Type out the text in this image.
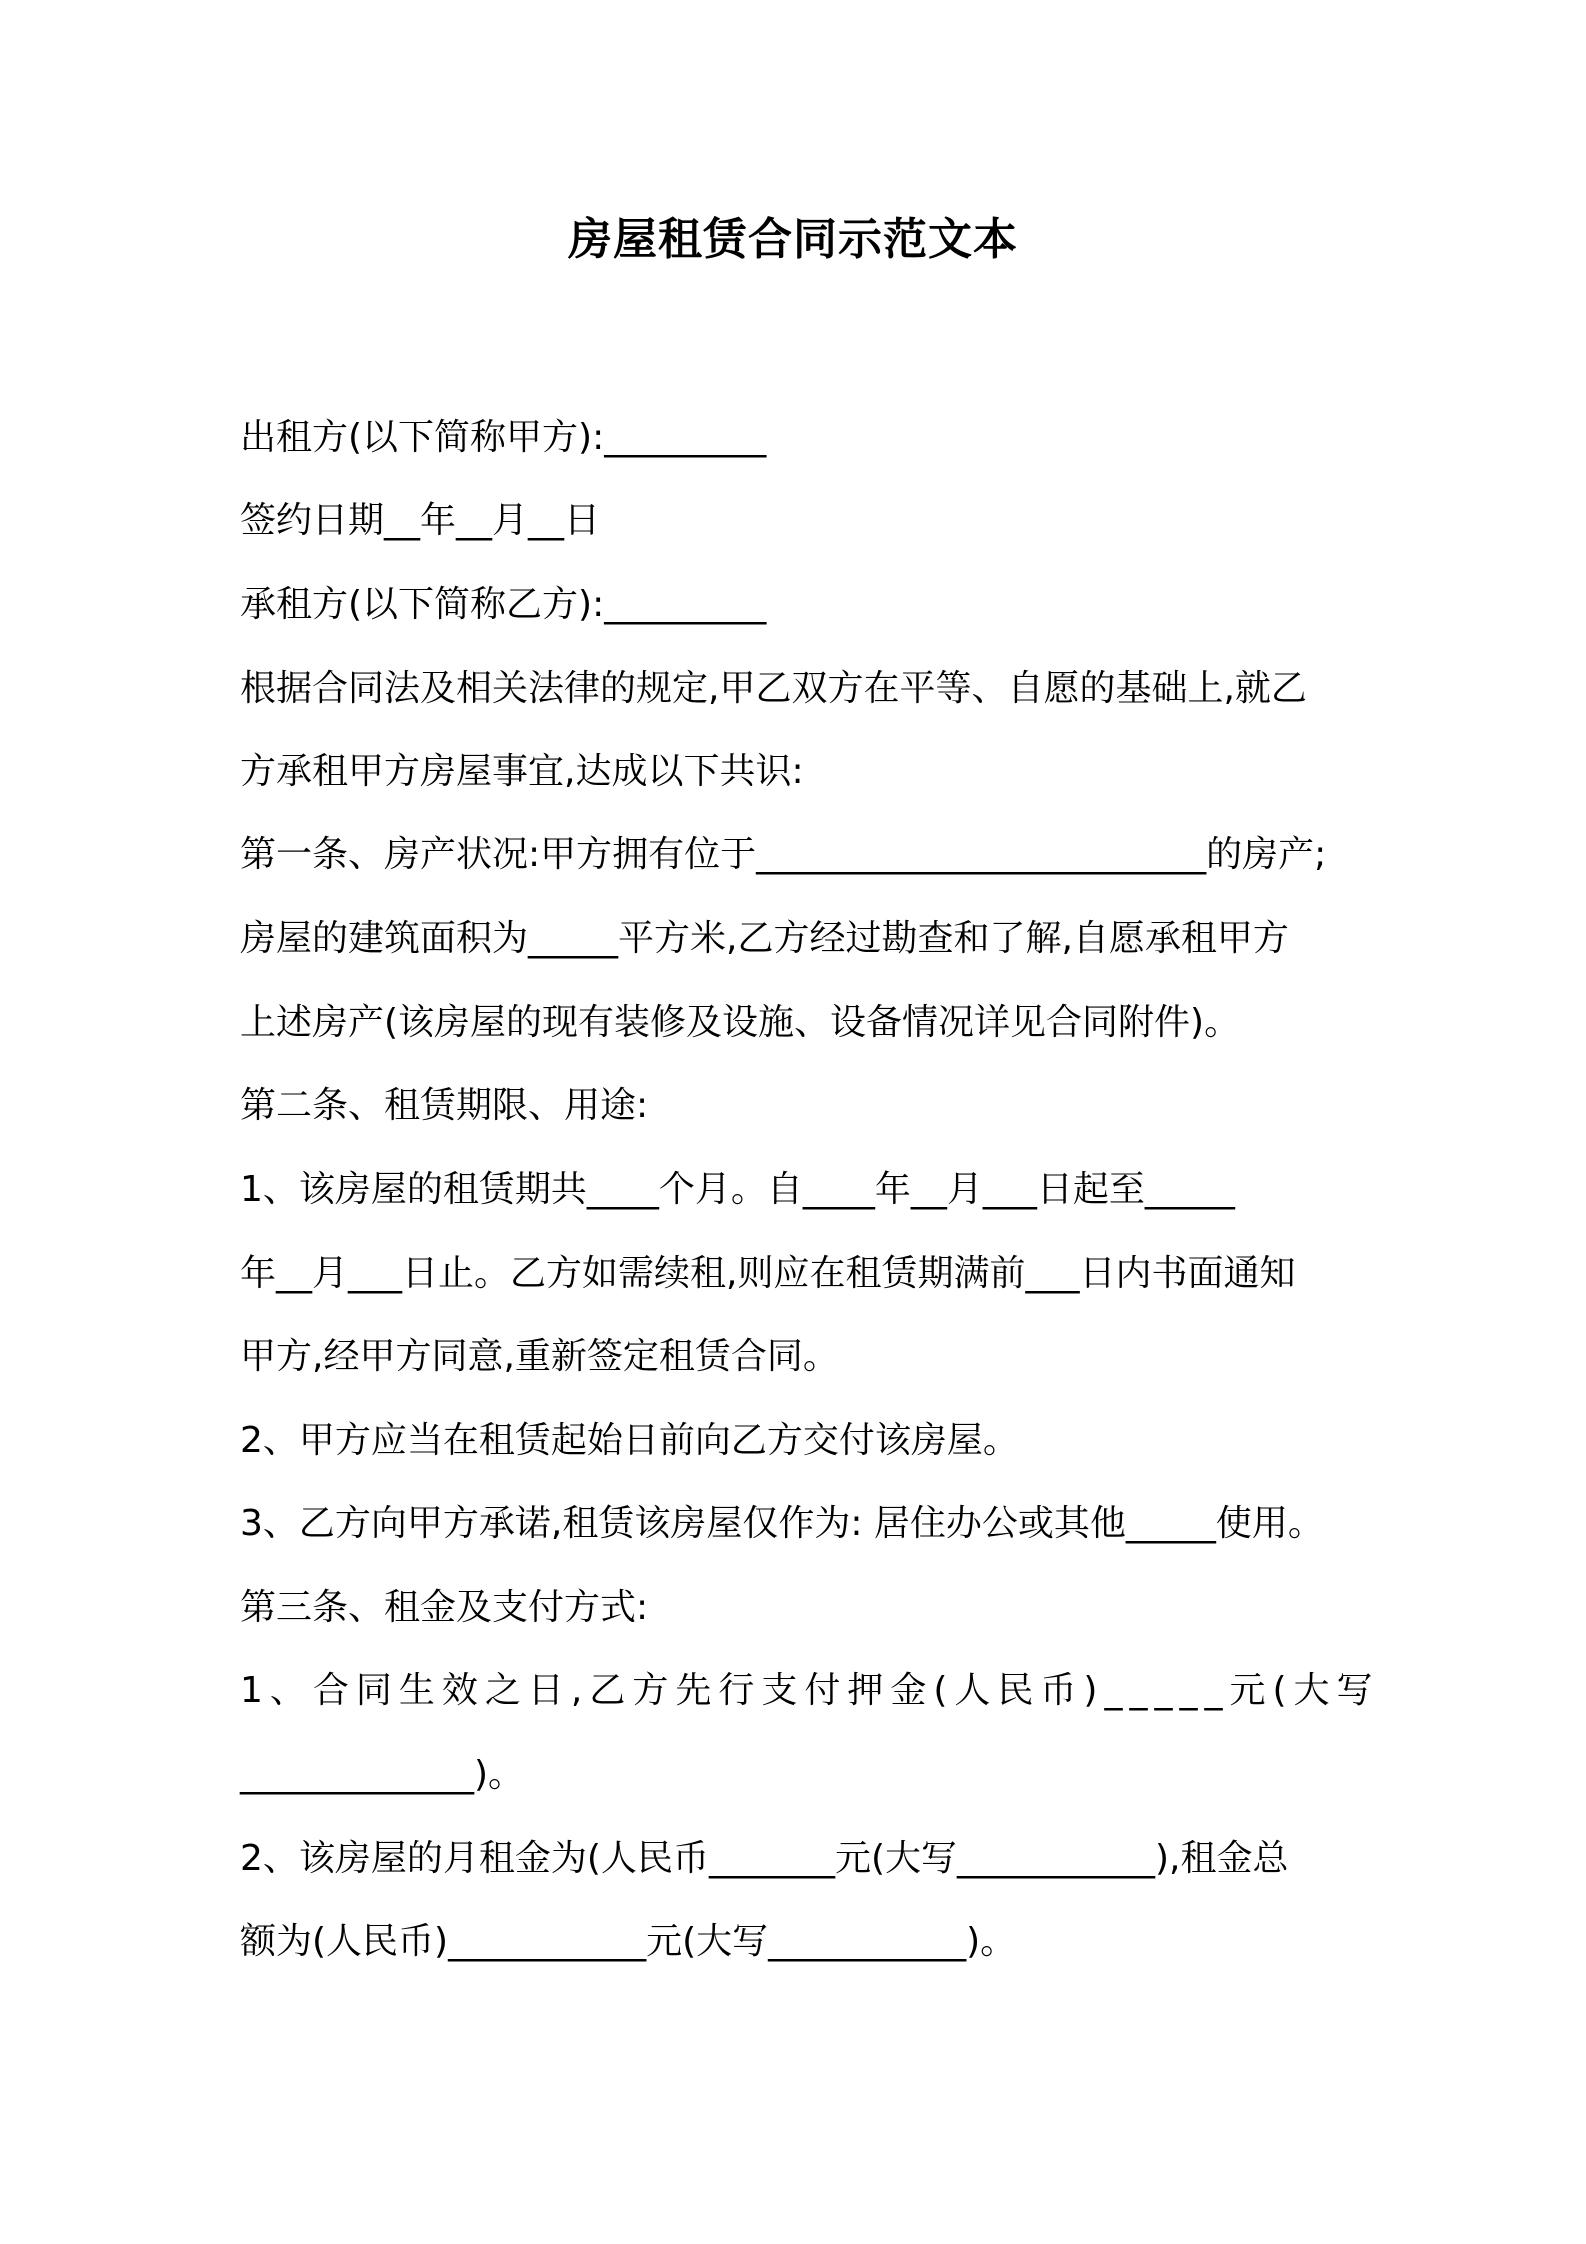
房屋租赁合同示范文本
出租方(以下简称甲方):_________
签约日期__年__月__日
承租方(以下简称乙方):_________
根据合同法及相关法律的规定,甲乙双方在平等、自愿的基础上,就乙
方承租甲方房屋事宜,达成以下共识:
第一条、房产状况:甲方拥有位于_________________________的房产;
房屋的建筑面积为_____平方米,乙方经过勘查和了解,自愿承租甲方
上述房产(该房屋的现有装修及设施、设备情况详见合同附件)。
第二条、租赁期限、用途:
1、该房屋的租赁期共____个月。自____年__月___日起至_____
年__月___日止。乙方如需续租,则应在租赁期满前___日内书面通知
甲方,经甲方同意,重新签定租赁合同。
2、甲方应当在租赁起始日前向乙方交付该房屋。
3、乙方向甲方承诺,租赁该房屋仅作为: 居住办公或其他_____使用。
第三条、租金及支付方式:
1、合同生效之日,乙方先行支付押金(人民币)_____元(大写
_____________)。
2、该房屋的月租金为(人民币_______元(大写___________),租金总
额为(人民币)___________元(大写___________)。
